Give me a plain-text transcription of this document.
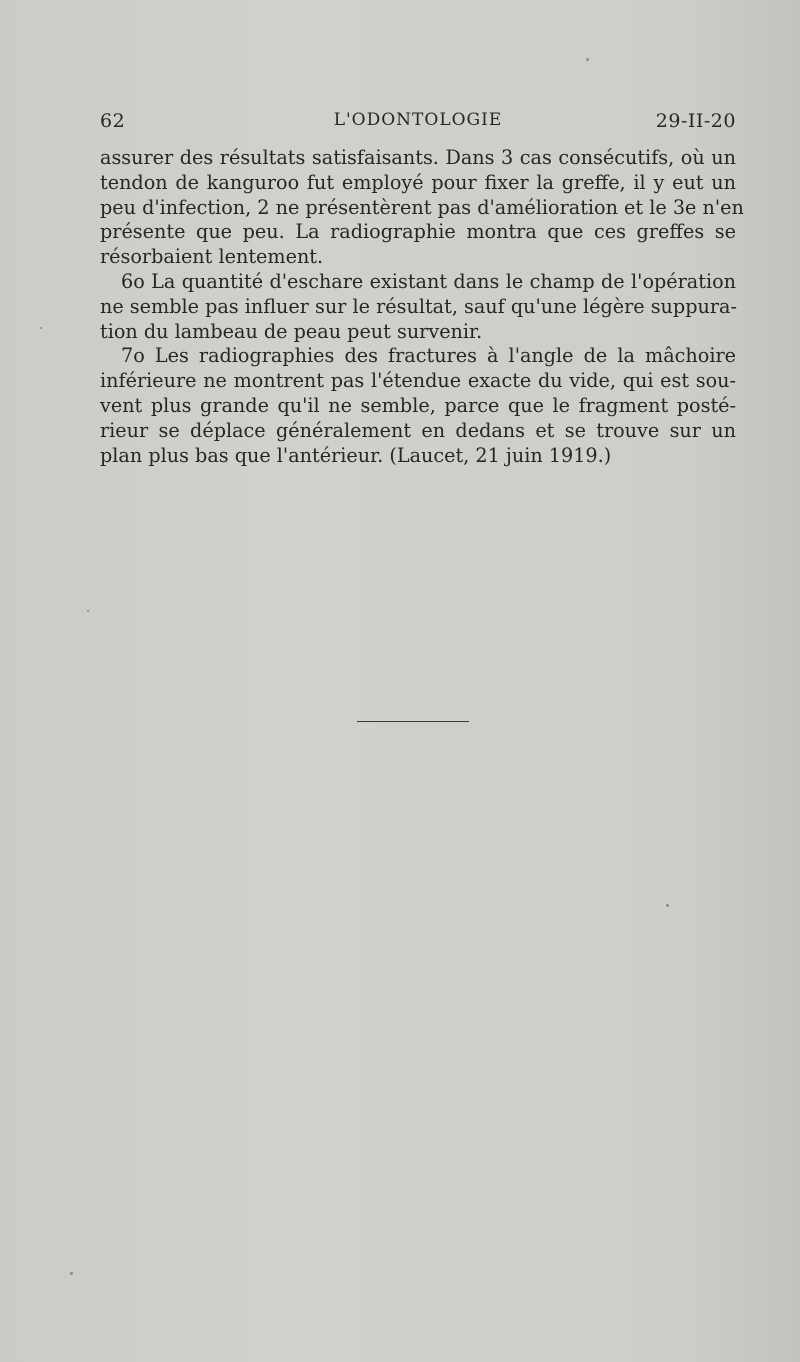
62	L'ODONTOLOGIE	29-II-20
assurer des résultats satisfaisants. Dans 3 cas consécutifs, où un
tendon de kanguroo fut employé pour fixer la greffe, il y eut un
peu d'infection, 2 ne présentèrent pas d'amélioration et le 3e n'en
présente que peu. La radiographie montra que ces greffes se
résorbaient lentement.
6o La quantité d'eschare existant dans le champ de l'opération
ne semble pas influer sur le résultat, sauf qu'une légère suppura-
tion du lambeau de peau peut survenir.
7o Les radiographies des fractures à l'angle de la mâchoire
inférieure ne montrent pas l'étendue exacte du vide, qui est sou-
vent plus grande qu'il ne semble, parce que le fragment posté-
rieur se déplace généralement en dedans et se trouve sur un
plan plus bas que l'antérieur. (Laucet, 21 juin 1919.)
